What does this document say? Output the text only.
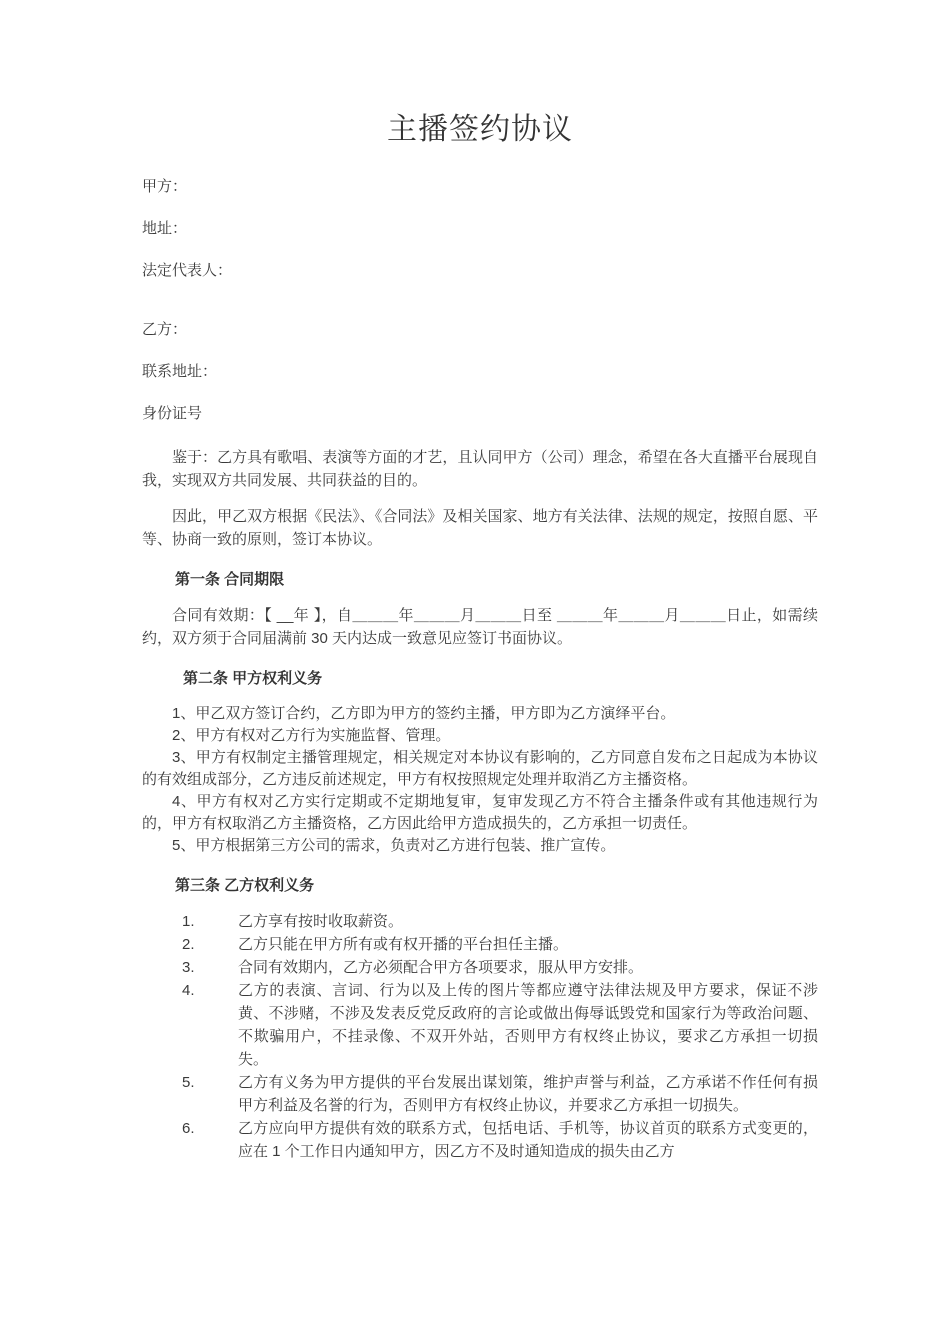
主播签约协议
甲方：
地址：
法定代表人：
乙方：
联系地址：
身份证号

鉴于：乙方具有歌唱、表演等方面的才艺，且认同甲方（公司）理念，希望在各大直播平台展现自我，实现双方共同发展、共同获益的目的。

因此，甲乙双方根据《民法》、《合同法》及相关国家、地方有关法律、法规的规定，按照自愿、平等、协商一致的原则，签订本协议。

第一条 合同期限

合同有效期：【 __年 】，自＿＿＿年＿＿＿月＿＿＿日至 ＿＿＿年＿＿＿月＿＿＿日止，如需续约，双方须于合同届满前 30 天内达成一致意见应签订书面协议。

第二条 甲方权利义务
1、甲乙双方签订合约，乙方即为甲方的签约主播，甲方即为乙方演绎平台。
2、甲方有权对乙方行为实施监督、管理。
3、甲方有权制定主播管理规定，相关规定对本协议有影响的，乙方同意自发布之日起成为本协议的有效组成部分，乙方违反前述规定，甲方有权按照规定处理并取消乙方主播资格。
4、甲方有权对乙方实行定期或不定期地复审，复审发现乙方不符合主播条件或有其他违规行为的，甲方有权取消乙方主播资格，乙方因此给甲方造成损失的，乙方承担一切责任。
5、甲方根据第三方公司的需求，负责对乙方进行包装、推广宣传。
第三条 乙方权利义务
1.	乙方享有按时收取薪资。
2.	乙方只能在甲方所有或有权开播的平台担任主播。
3.	合同有效期内，乙方必须配合甲方各项要求，服从甲方安排。
4.	乙方的表演、言词、行为以及上传的图片等都应遵守法律法规及甲方要求，保证不涉黄、不涉赌，不涉及发表反党反政府的言论或做出侮辱诋毁党和国家行为等政治问题、不欺骗用户，不挂录像、不双开外站，否则甲方有权终止协议，要求乙方承担一切损失。
5.	乙方有义务为甲方提供的平台发展出谋划策，维护声誉与利益，乙方承诺不作任何有损甲方利益及名誉的行为，否则甲方有权终止协议，并要求乙方承担一切损失。
6.	乙方应向甲方提供有效的联系方式，包括电话、手机等，协议首页的联系方式变更的，应在 1 个工作日内通知甲方，因乙方不及时通知造成的损失由乙方
